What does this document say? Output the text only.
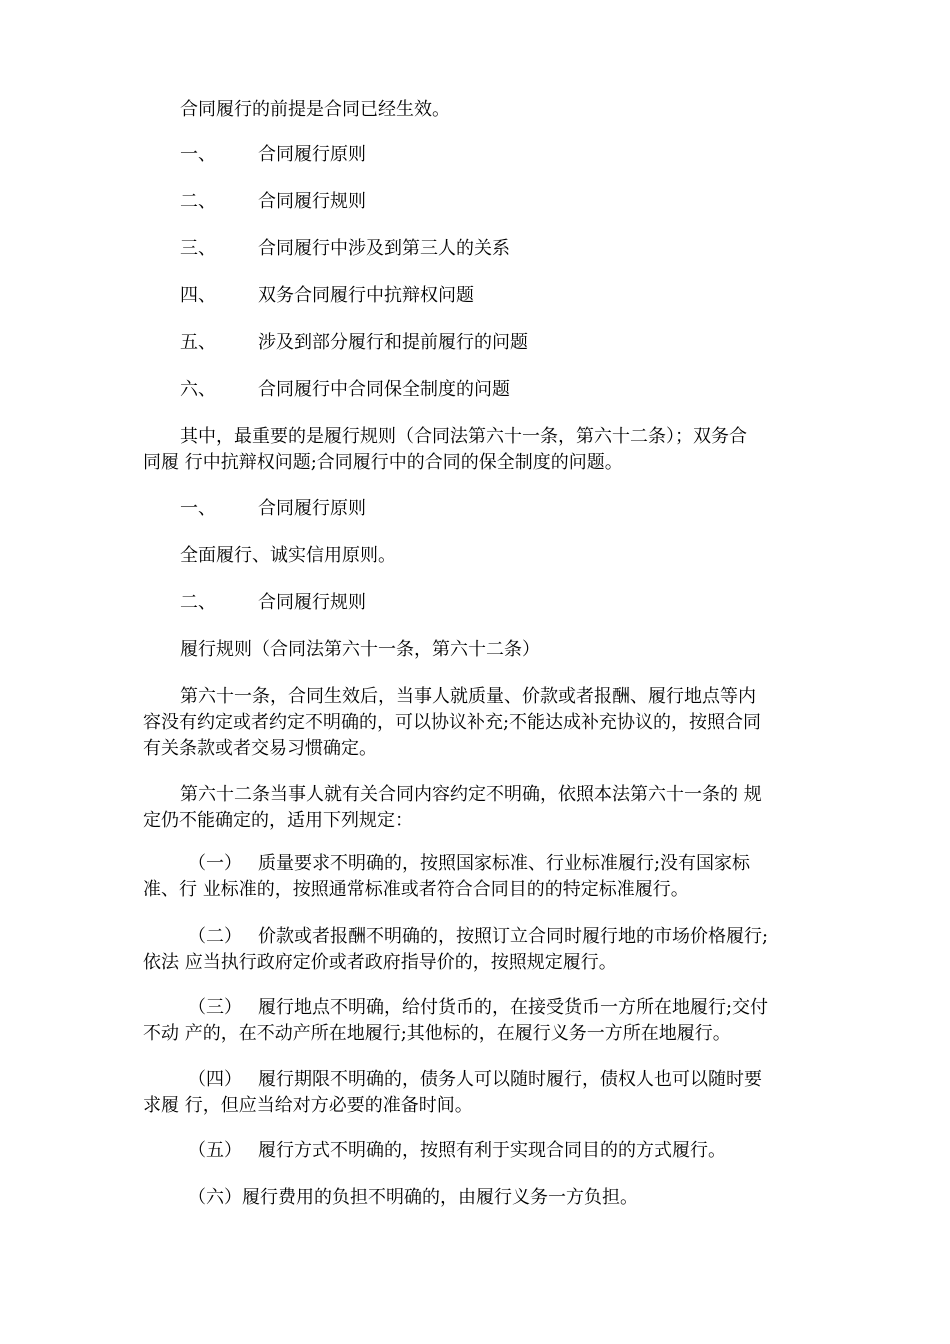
合同履行的前提是合同已经生效。
一、 合同履行原则
二、 合同履行规则
三、 合同履行中涉及到第三人的关系
四、 双务合同履行中抗辩权问题
五、 涉及到部分履行和提前履行的问题
六、 合同履行中合同保全制度的问题
其中，最重要的是履行规则（合同法第六十一条，第六十二条）；双务合
同履 行中抗辩权问题;合同履行中的合同的保全制度的问题。
一、 合同履行原则
全面履行、诚实信用原则。
二、 合同履行规则
履行规则（合同法第六十一条，第六十二条）
第六十一条，合同生效后，当事人就质量、价款或者报酬、履行地点等内
容没有约定或者约定不明确的，可以协议补充;不能达成补充协议的，按照合同
有关条款或者交易习惯确定。
第六十二条当事人就有关合同内容约定不明确，依照本法第六十一条的 规
定仍不能确定的，适用下列规定：
（一） 质量要求不明确的，按照国家标准、行业标准履行;没有国家标
准、行 业标准的，按照通常标准或者符合合同目的的特定标准履行。
（二） 价款或者报酬不明确的，按照订立合同时履行地的市场价格履行;
依法 应当执行政府定价或者政府指导价的，按照规定履行。
（三） 履行地点不明确，给付货币的，在接受货币一方所在地履行;交付
不动 产的，在不动产所在地履行;其他标的，在履行义务一方所在地履行。
（四） 履行期限不明确的，债务人可以随时履行，债权人也可以随时要
求履 行，但应当给对方必要的准备时间。
（五） 履行方式不明确的，按照有利于实现合同目的的方式履行。
（六）履行费用的负担不明确的，由履行义务一方负担。
